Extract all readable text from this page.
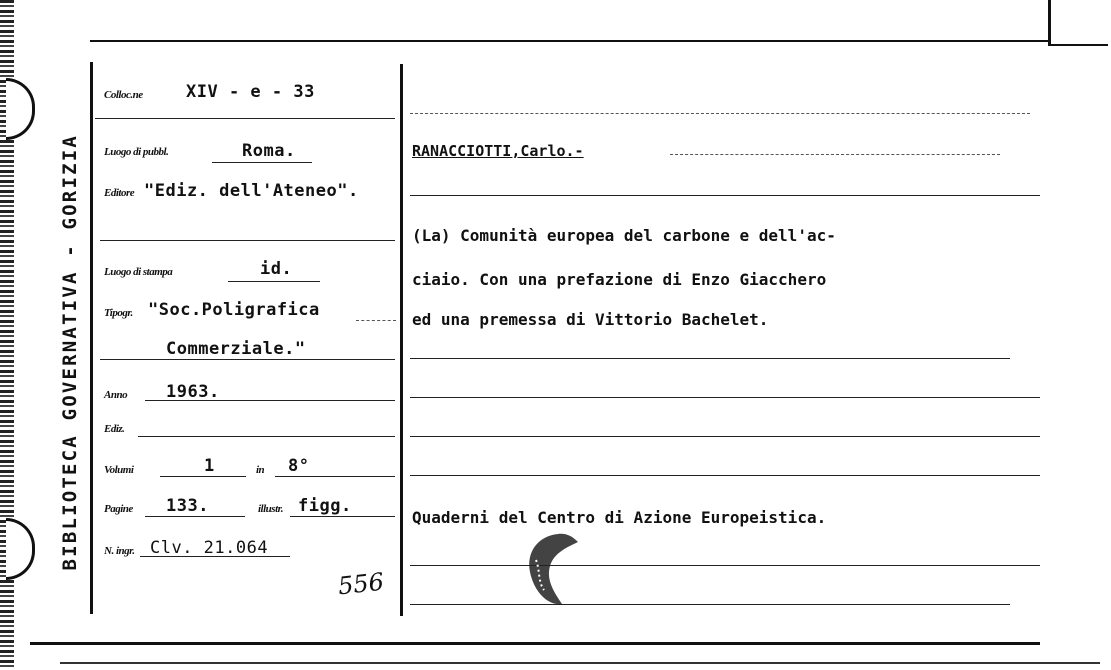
BIBLIOTECA GOVERNATIVA - GORIZIA
Colloc.ne	XIV - e - 33
Luogo di pubbl.	Roma.
Editore "Ediz. dell'Ateneo".
Luogo di stampa	id.
Tipogr. "Soc.Poligrafica
Commerziale."
Anno 1963.
Ediz.
Volumi	1	in 8°
Pagine 133.	illustr. figg.
N. ingr. Clv. 21.064
556
RANACCIOTTI,Carlo.-
(La) Comunità europea del carbone e dell'ac-
ciaio. Con una prefazione di Enzo Giacchero
ed una premessa di Vittorio Bachelet.
Quaderni del Centro di Azione Europeistica.
